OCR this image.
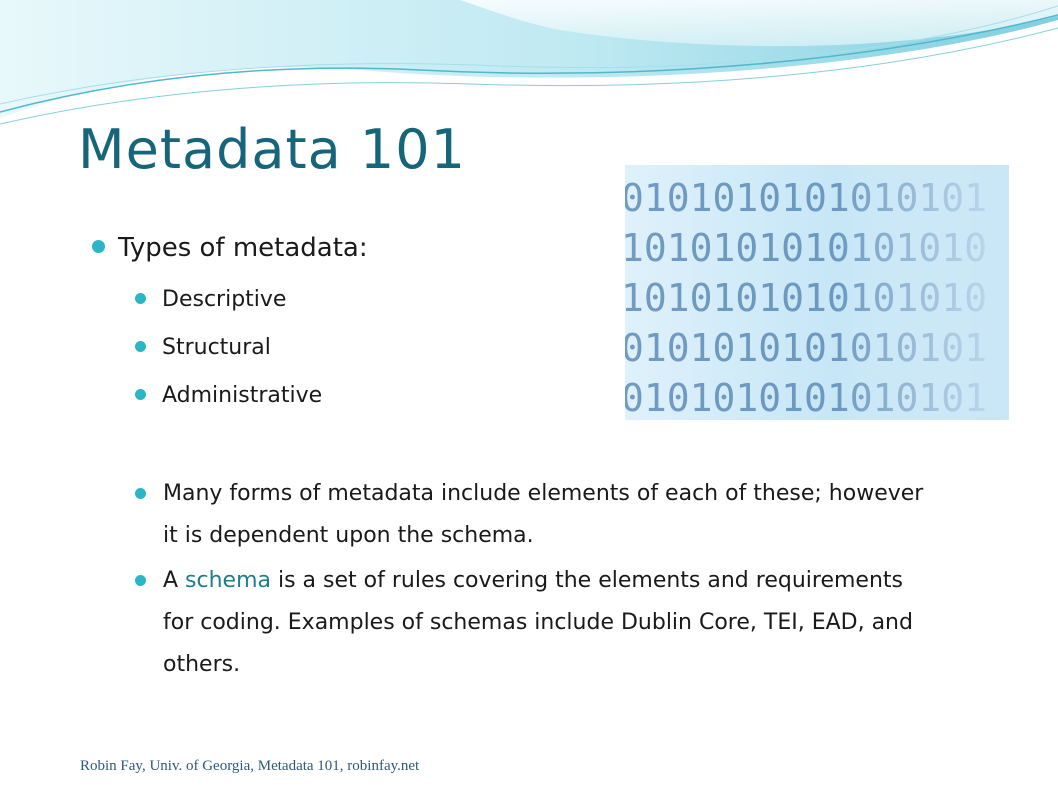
Metadata 101
Types of metadata:
Descriptive
Structural
Administrative
Many forms of metadata include elements of each of these; however it is dependent upon the schema.
A schema is a set of rules covering the elements and requirements for coding. Examples of schemas include Dublin Core, TEI, EAD, and others.
Robin Fay, Univ. of Georgia, Metadata 101, robinfay.net
